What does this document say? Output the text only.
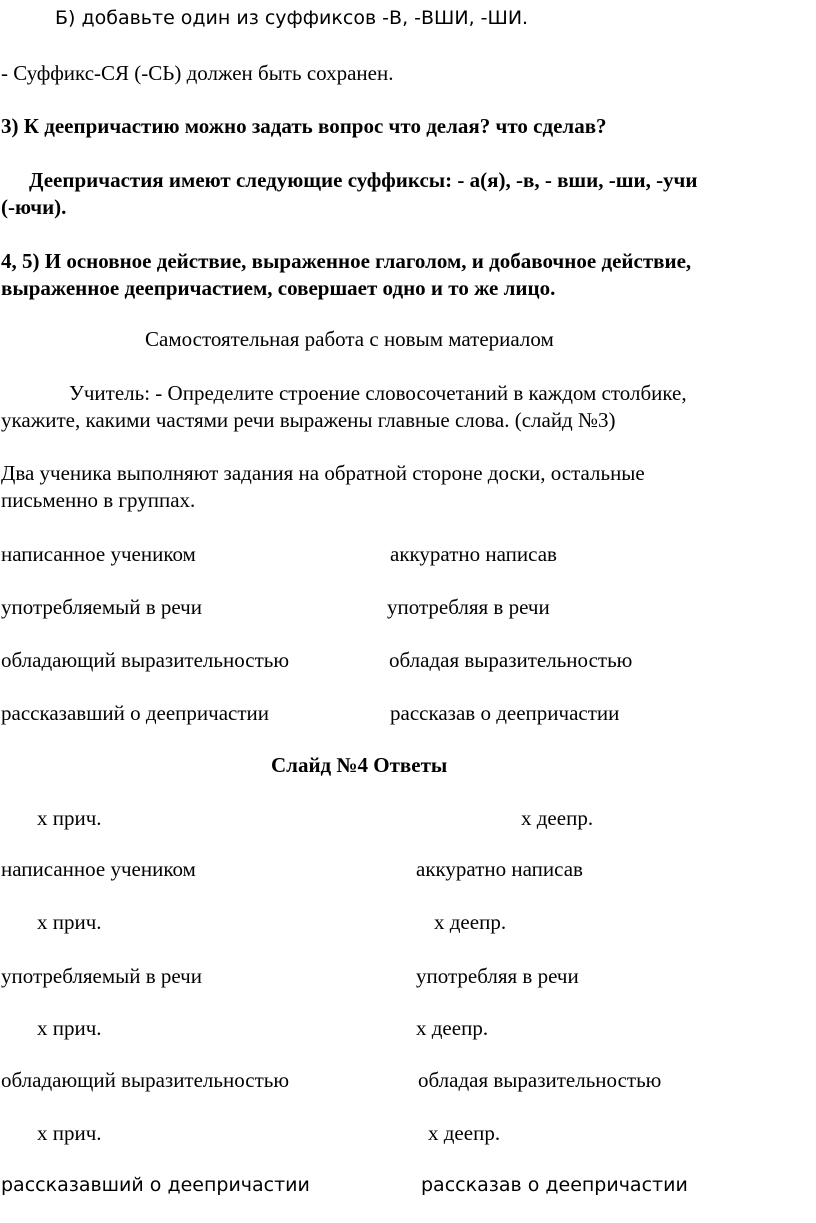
Б) добавьте один из суффиксов -В, -ВШИ, -ШИ.
- Суффикс-СЯ (-СЬ) должен быть сохранен.
3) К деепричастию можно задать вопрос что делая? что сделав?
Деепричастия имеют следующие суффиксы: - а(я), -в, - вши, -ши, -учи
(-ючи).
4, 5) И основное действие, выраженное глаголом, и добавочное действие,
выраженное деепричастием, совершает одно и то же лицо.
Самостоятельная работа с новым материалом
Учитель: - Определите строение словосочетаний в каждом столбике,
укажите, какими частями речи выражены главные слова. (слайд №3)
Два ученика выполняют задания на обратной стороне доски, остальные
письменно в группах.
написанное учеником	аккуратно написав
употребляемый в речи	употребляя в речи
обладающий выразительностью	обладая выразительностью
рассказавший о деепричастии	рассказав о деепричастии
Слайд №4 Ответы
х прич.	х деепр.
написанное учеником	аккуратно написав
х прич.	х деепр.
употребляемый в речи	употребляя в речи
х прич.	х деепр.
обладающий выразительностью	обладая выразительностью
х прич.	х деепр.
рассказавший о деепричастии	рассказав о деепричастии
